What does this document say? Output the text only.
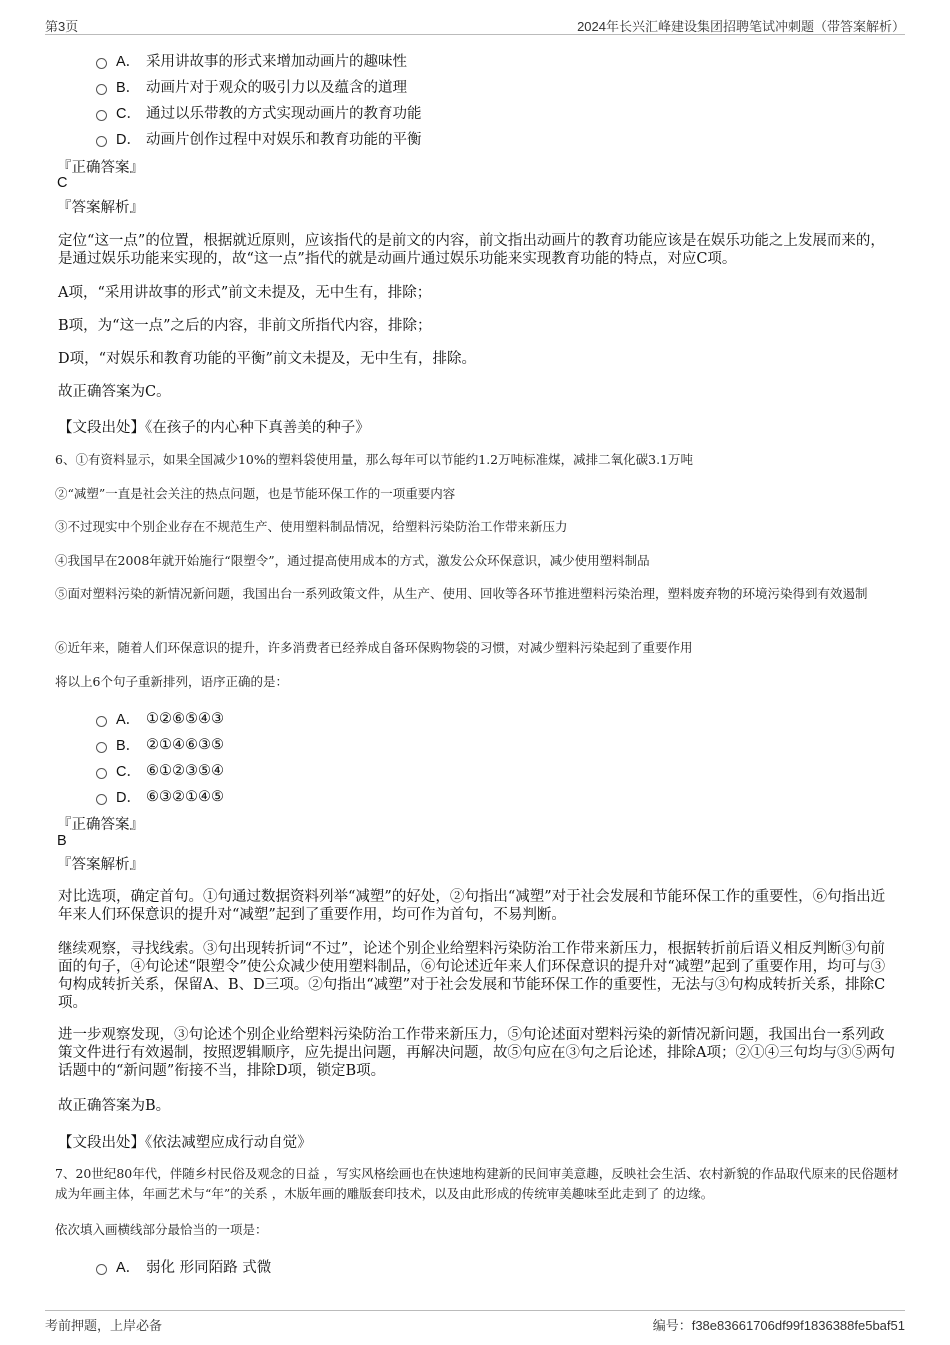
第3页	2024年长兴汇峰建设集团招聘笔试冲刺题（带答案解析）
A． 采用讲故事的形式来增加动画片的趣味性
B． 动画片对于观众的吸引力以及蕴含的道理
C． 通过以乐带教的方式实现动画片的教育功能
D． 动画片创作过程中对娱乐和教育功能的平衡
『正确答案』
C
『答案解析』
定位“这一点”的位置，根据就近原则，应该指代的是前文的内容，前文指出动画片的教育功能应该是在娱乐功能之上发展而来的，是通过娱乐功能来实现的，故“这一点”指代的就是动画片通过娱乐功能来实现教育功能的特点，对应C项。
A项，“采用讲故事的形式”前文未提及，无中生有，排除；
B项，为“这一点”之后的内容，非前文所指代内容，排除；
D项，“对娱乐和教育功能的平衡”前文未提及，无中生有，排除。
故正确答案为C。
【文段出处】《在孩子的内心种下真善美的种子》
6、①有资料显示，如果全国减少10%的塑料袋使用量，那么每年可以节能约1.2万吨标准煤，减排二氧化碳3.1万吨
②“减塑”一直是社会关注的热点问题，也是节能环保工作的一项重要内容
③不过现实中个别企业存在不规范生产、使用塑料制品情况，给塑料污染防治工作带来新压力
④我国早在2008年就开始施行“限塑令”，通过提高使用成本的方式，激发公众环保意识，减少使用塑料制品
⑤面对塑料污染的新情况新问题，我国出台一系列政策文件，从生产、使用、回收等各环节推进塑料污染治理，塑料废弃物的环境污染得到有效遏制
⑥近年来，随着人们环保意识的提升，许多消费者已经养成自备环保购物袋的习惯，对减少塑料污染起到了重要作用
将以上6个句子重新排列，语序正确的是：
A． ①②⑥⑤④③
B． ②①④⑥③⑤
C． ⑥①②③⑤④
D． ⑥③②①④⑤
『正确答案』
B
『答案解析』
对比选项，确定首句。①句通过数据资料列举“减塑”的好处，②句指出“减塑”对于社会发展和节能环保工作的重要性，⑥句指出近年来人们环保意识的提升对“减塑”起到了重要作用，均可作为首句，不易判断。
继续观察，寻找线索。③句出现转折词“不过”，论述个别企业给塑料污染防治工作带来新压力，根据转折前后语义相反判断③句前面的句子，④句论述“限塑令”使公众减少使用塑料制品，⑥句论述近年来人们环保意识的提升对“减塑”起到了重要作用，均可与③句构成转折关系，保留A、B、D三项。②句指出“减塑”对于社会发展和节能环保工作的重要性，无法与③句构成转折关系，排除C项。
进一步观察发现，③句论述个别企业给塑料污染防治工作带来新压力，⑤句论述面对塑料污染的新情况新问题，我国出台一系列政策文件进行有效遏制，按照逻辑顺序，应先提出问题，再解决问题，故⑤句应在③句之后论述，排除A项；②①④三句均与③⑤两句话题中的“新问题”衔接不当，排除D项，锁定B项。
故正确答案为B。
【文段出处】《依法减塑应成行动自觉》
7、20世纪80年代，伴随乡村民俗及观念的日益 ，写实风格绘画也在快速地构建新的民间审美意趣，反映社会生活、农村新貌的作品取代原来的民俗题材成为年画主体，年画艺术与“年”的关系 ，木版年画的雕版套印技术，以及由此形成的传统审美趣味至此走到了 的边缘。
依次填入画横线部分最恰当的一项是：
A． 弱化 形同陌路 式微
考前押题，上岸必备	编号：f38e83661706df99f1836388fe5baf51
